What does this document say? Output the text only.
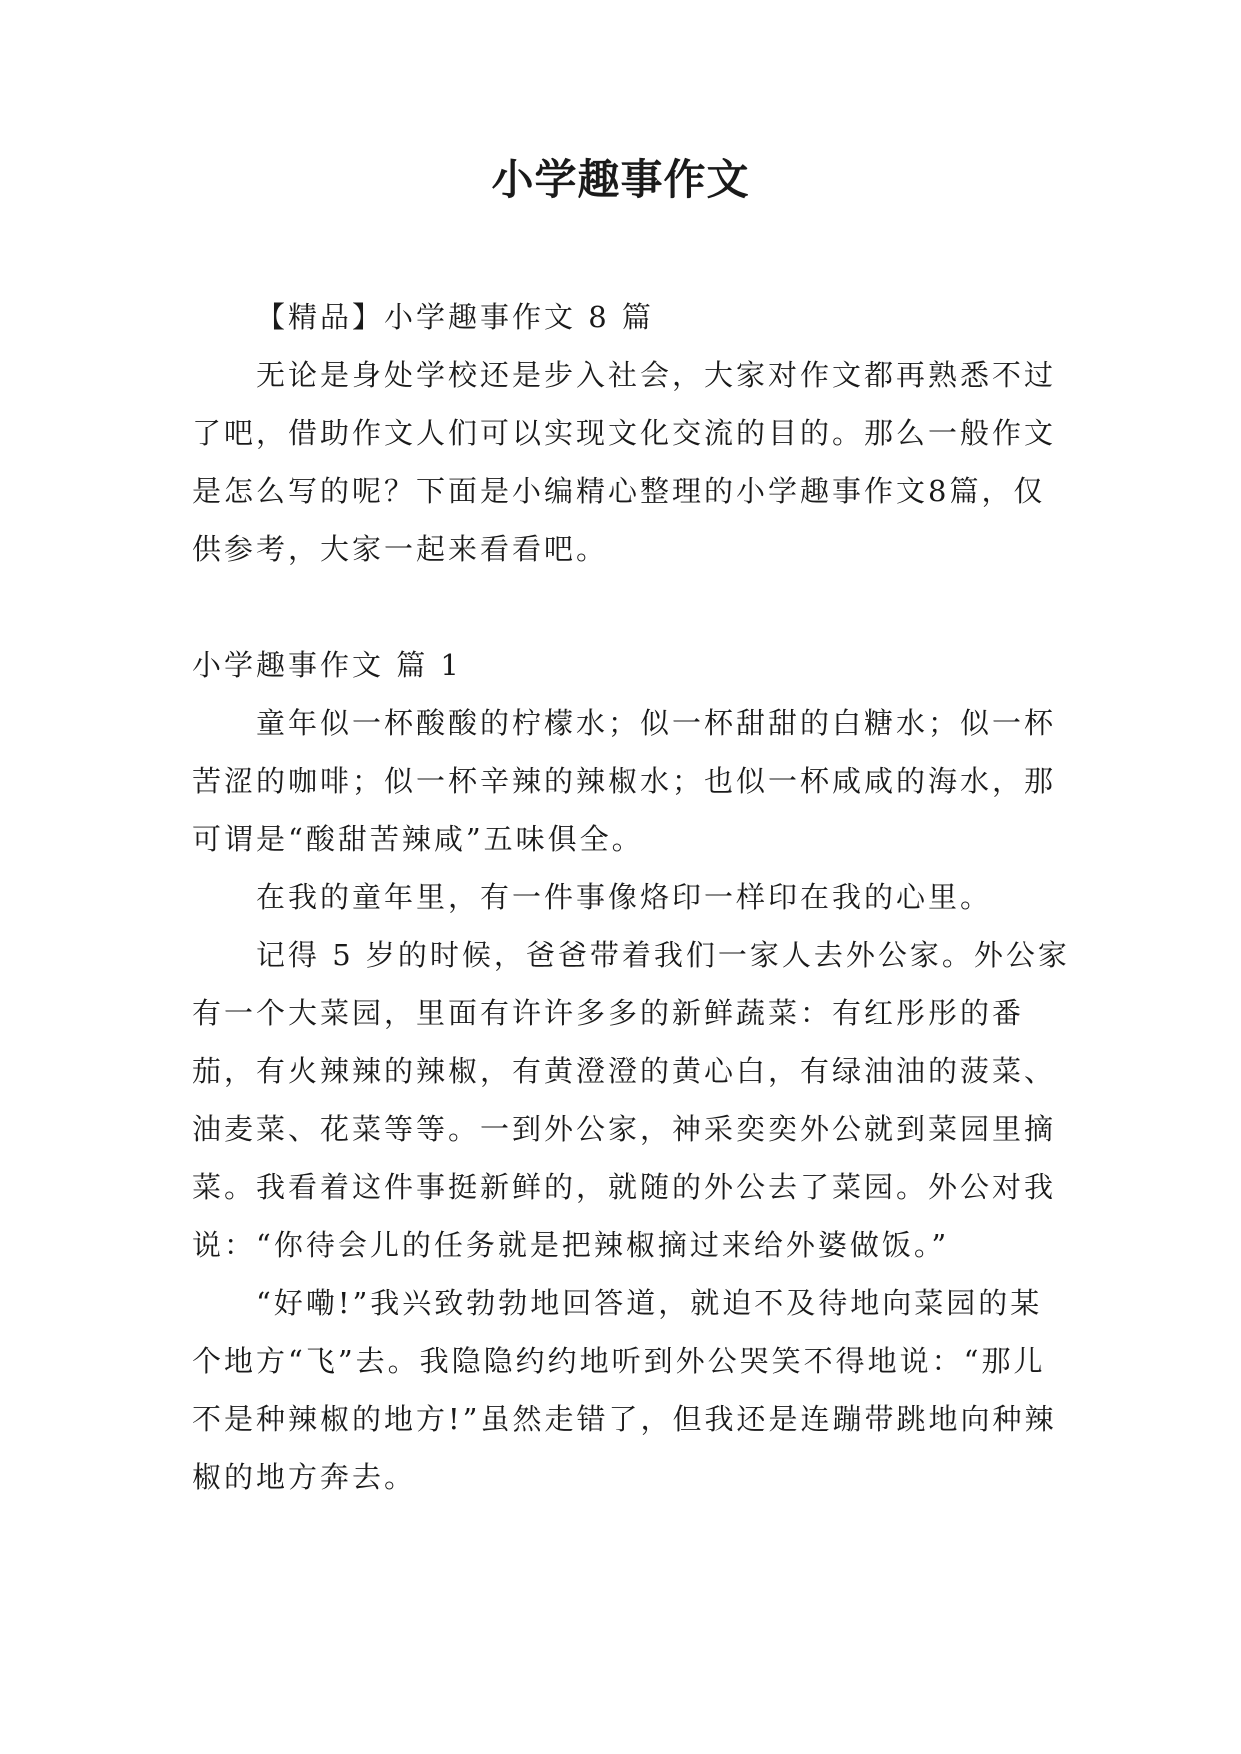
小学趣事作文

【精品】小学趣事作文 8 篇

无论是身处学校还是步入社会，大家对作文都再熟悉不过了吧，借助作文人们可以实现文化交流的目的。那么一般作文是怎么写的呢？下面是小编精心整理的小学趣事作文8篇，仅供参考，大家一起来看看吧。

小学趣事作文 篇 1

童年似一杯酸酸的柠檬水；似一杯甜甜的白糖水；似一杯苦涩的咖啡；似一杯辛辣的辣椒水；也似一杯咸咸的海水，那可谓是“酸甜苦辣咸”五味俱全。

在我的童年里，有一件事像烙印一样印在我的心里。

记得 5 岁的时候，爸爸带着我们一家人去外公家。外公家有一个大菜园，里面有许许多多的新鲜蔬菜：有红彤彤的番茄，有火辣辣的辣椒，有黄澄澄的黄心白，有绿油油的菠菜、油麦菜、花菜等等。一到外公家，神采奕奕外公就到菜园里摘菜。我看着这件事挺新鲜的，就随的外公去了菜园。外公对我说：“你待会儿的任务就是把辣椒摘过来给外婆做饭。”

“好嘞!”我兴致勃勃地回答道，就迫不及待地向菜园的某个地方“飞”去。我隐隐约约地听到外公哭笑不得地说：“那儿不是种辣椒的地方!”虽然走错了，但我还是连蹦带跳地向种辣椒的地方奔去。
